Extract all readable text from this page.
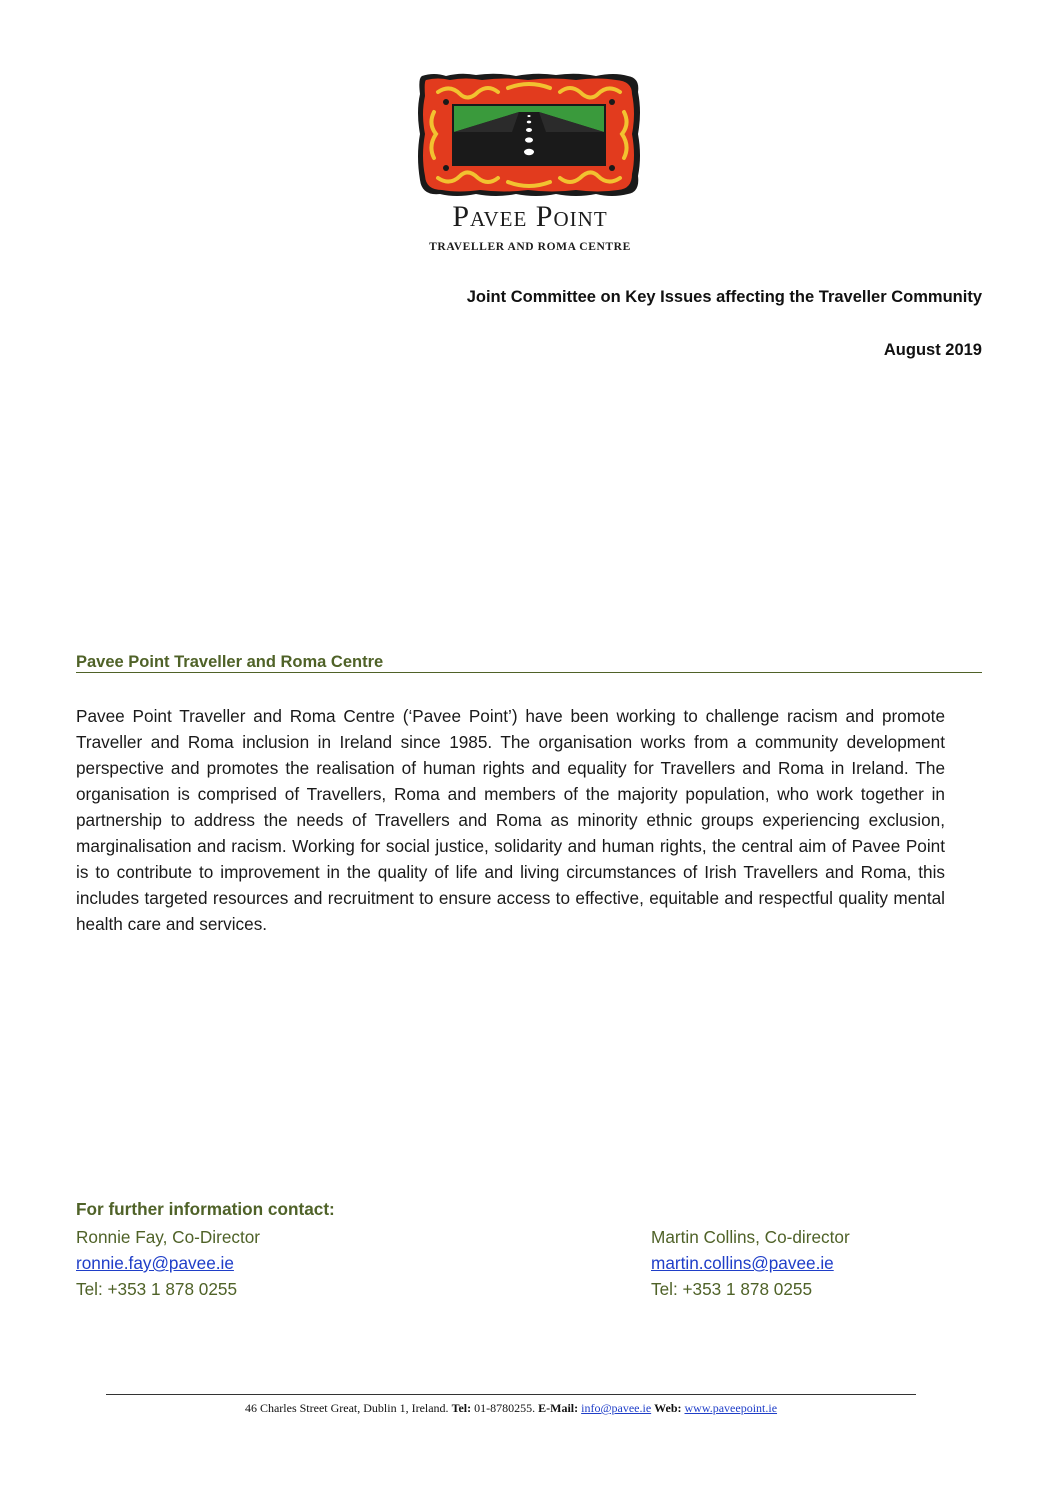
Pavee Point
TRAVELLER AND ROMA CENTRE
Joint Committee on Key Issues affecting the Traveller Community
August 2019
Pavee Point Traveller and Roma Centre
Pavee Point Traveller and Roma Centre (‘Pavee Point’) have been working to challenge racism and promote Traveller and Roma inclusion in Ireland since 1985. The organisation works from a community development perspective and promotes the realisation of human rights and equality for Travellers and Roma in Ireland. The organisation is comprised of Travellers, Roma and members of the majority population, who work together in partnership to address the needs of Travellers and Roma as minority ethnic groups experiencing exclusion, marginalisation and racism. Working for social justice, solidarity and human rights, the central aim of Pavee Point is to contribute to improvement in the quality of life and living circumstances of Irish Travellers and Roma, this includes targeted resources and recruitment to ensure access to effective, equitable and respectful quality mental health care and services.
For further information contact:
Ronnie Fay, Co-Director
ronnie.fay@pavee.ie
Tel: +353 1 878 0255
Martin Collins, Co-director
martin.collins@pavee.ie
Tel: +353 1 878 0255
46 Charles Street Great, Dublin 1, Ireland. Tel: 01-8780255. E-Mail: info@pavee.ie Web: www.paveepoint.ie
